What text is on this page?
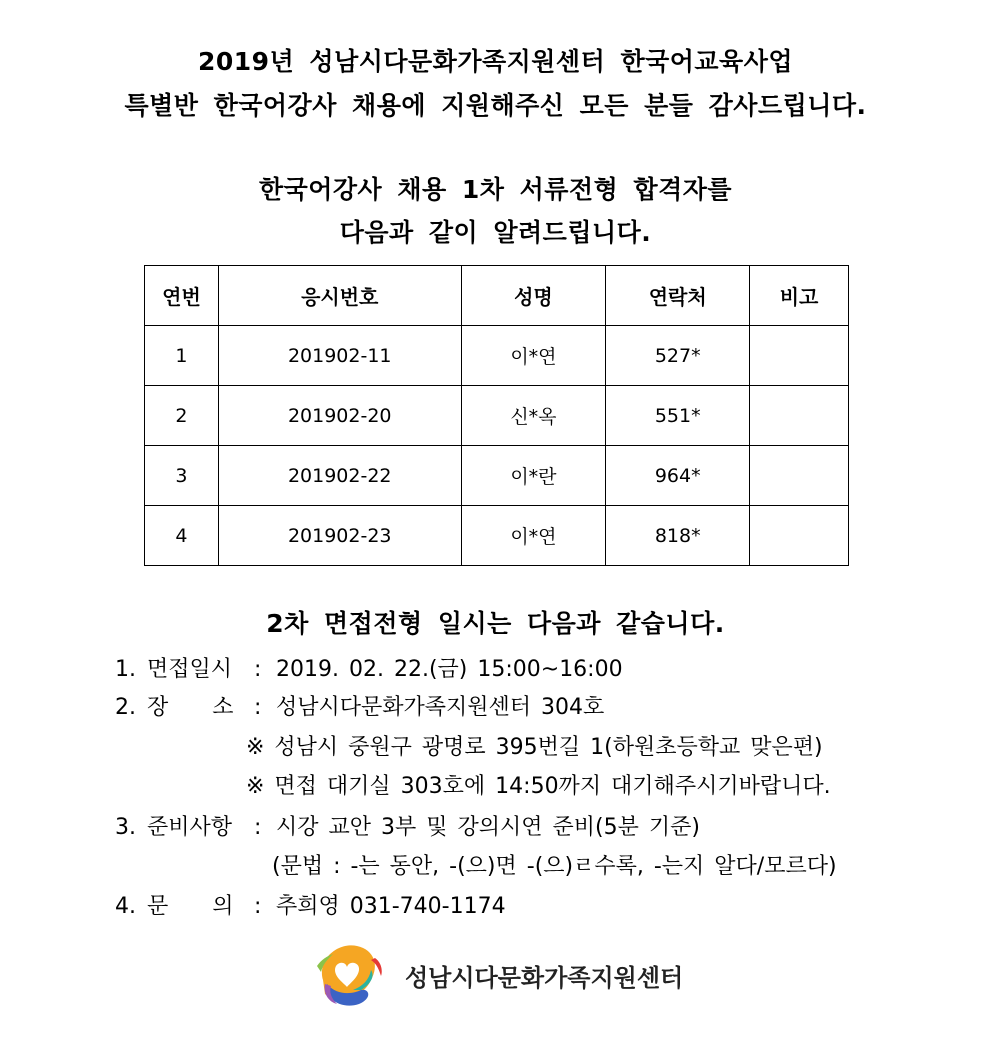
2019년 성남시다문화가족지원센터 한국어교육사업
특별반 한국어강사 채용에 지원해주신 모든 분들 감사드립니다.
한국어강사 채용 1차 서류전형 합격자를
다음과 같이 알려드립니다.
연번	응시번호	성명	연락처	비고
1	201902-11	이*연	527*	
2	201902-20	신*옥	551*	
3	201902-22	이*란	964*	
4	201902-23	이*연	818*	
2차 면접전형 일시는 다음과 같습니다.
1. 면접일시 : 2019. 02. 22.(금) 15:00~16:00
2. 장　　소 : 성남시다문화가족지원센터 304호
※ 성남시 중원구 광명로 395번길 1(하원초등학교 맞은편)
※ 면접 대기실 303호에 14:50까지 대기해주시기바랍니다.
3. 준비사항 : 시강 교안 3부 및 강의시연 준비(5분 기준)
(문법 : -는 동안, -(으)면 -(으)ㄹ수록, -는지 알다/모르다)
4. 문　　의 : 추희영 031-740-1174
성남시다문화가족지원센터
